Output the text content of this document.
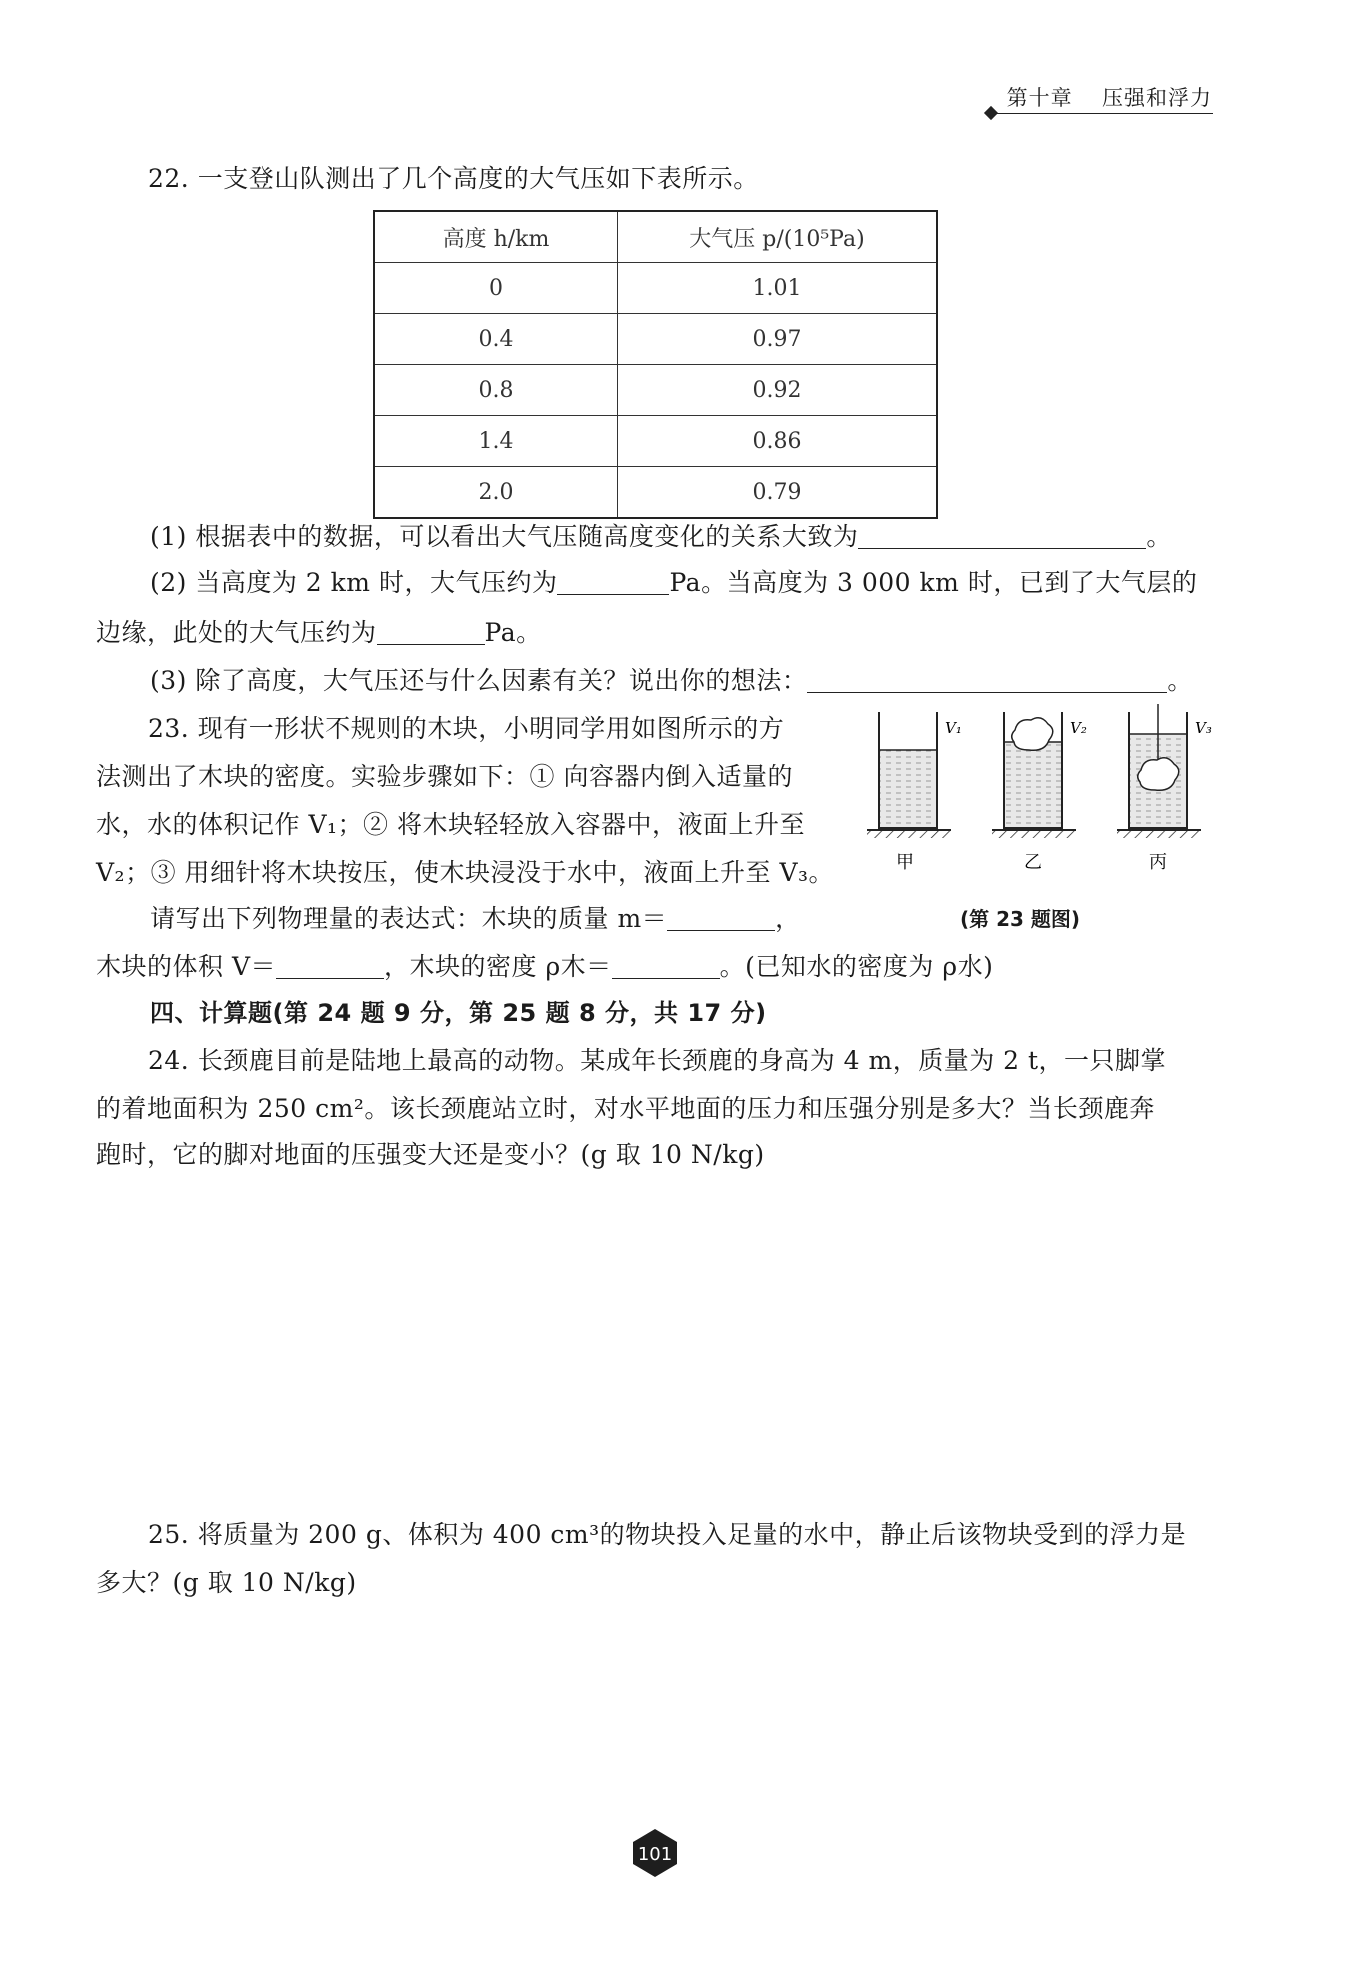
第十章 压强和浮力
22. 一支登山队测出了几个高度的大气压如下表所示。
高度 h/km	大气压 p/(10⁵Pa)
0	1.01
0.4	0.97
0.8	0.92
1.4	0.86
2.0	0.79
(1) 根据表中的数据，可以看出大气压随高度变化的关系大致为	。
(2) 当高度为 2 km 时，大气压约为	Pa。当高度为 3 000 km 时，已到了大气层的
边缘，此处的大气压约为	Pa。
(3) 除了高度，大气压还与什么因素有关？说出你的想法：	。
23. 现有一形状不规则的木块，小明同学用如图所示的方
法测出了木块的密度。实验步骤如下：① 向容器内倒入适量的
水，水的体积记作 V₁；② 将木块轻轻放入容器中，液面上升至
V₂；③ 用细针将木块按压，使木块浸没于水中，液面上升至 V₃。
请写出下列物理量的表达式：木块的质量 m＝	，
木块的体积 V＝	，木块的密度 ρ木＝	。(已知水的密度为 ρ水)
V₁
甲
V₂
乙
V₃
丙
(第 23 题图)
四、计算题(第 24 题 9 分，第 25 题 8 分，共 17 分)
24. 长颈鹿目前是陆地上最高的动物。某成年长颈鹿的身高为 4 m，质量为 2 t，一只脚掌
的着地面积为 250 cm²。该长颈鹿站立时，对水平地面的压力和压强分别是多大？当长颈鹿奔
跑时，它的脚对地面的压强变大还是变小？(g 取 10 N/kg)
25. 将质量为 200 g、体积为 400 cm³的物块投入足量的水中，静止后该物块受到的浮力是
多大？(g 取 10 N/kg)
101
